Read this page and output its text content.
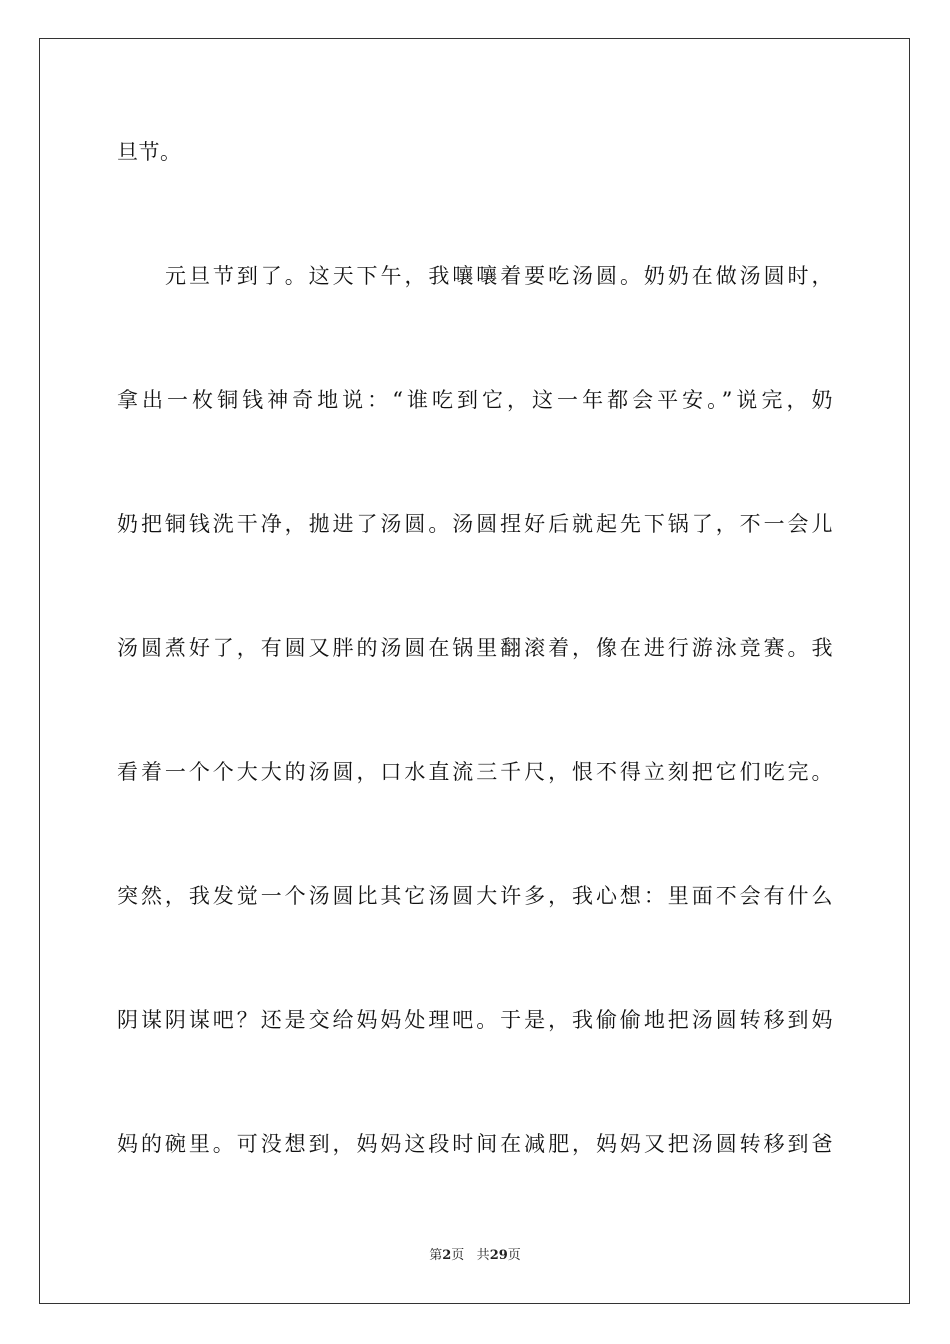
旦节。
元旦节到了。这天下午，我嚷嚷着要吃汤圆。奶奶在做汤圆时，
拿出一枚铜钱神奇地说：“谁吃到它，这一年都会平安。”说完，奶
奶把铜钱洗干净，拋进了汤圆。汤圆捏好后就起先下锅了，不一会儿
汤圆煮好了，有圆又胖的汤圆在锅里翻滚着，像在进行游泳竞赛。我
看着一个个大大的汤圆，口水直流三千尺，恨不得立刻把它们吃完。
突然，我发觉一个汤圆比其它汤圆大许多，我心想：里面不会有什么
阴谋阴谋吧？还是交给妈妈处理吧。于是，我偷偷地把汤圆转移到妈
妈的碗里。可没想到，妈妈这段时间在减肥，妈妈又把汤圆转移到爸
第2页 共29页
